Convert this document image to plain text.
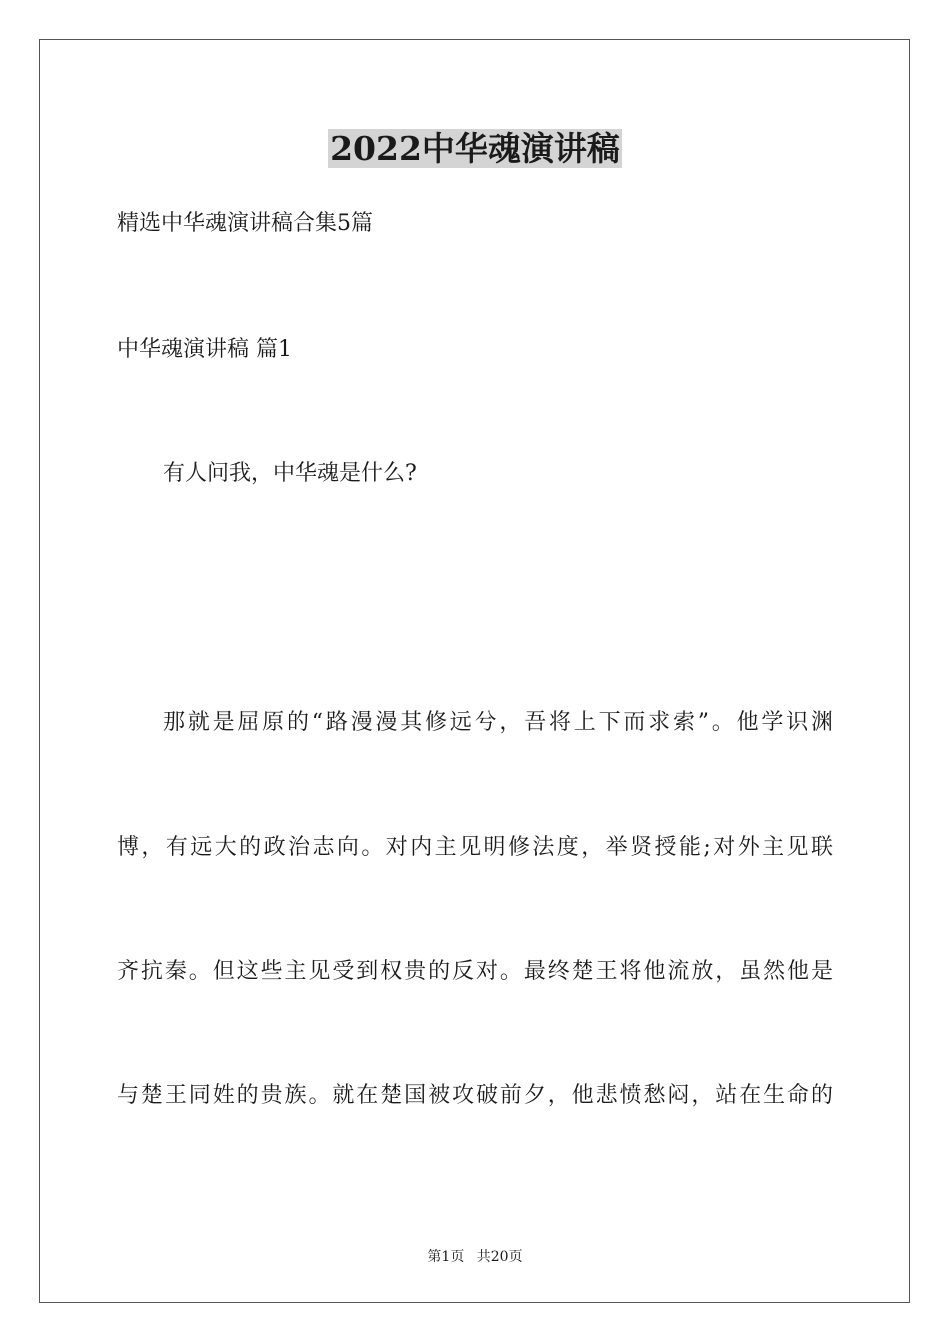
2022中华魂演讲稿
精选中华魂演讲稿合集5篇
中华魂演讲稿 篇1
有人问我，中华魂是什么?
那就是屈原的“路漫漫其修远兮，吾将上下而求索”。他学识渊
博，有远大的政治志向。对内主见明修法度，举贤授能;对外主见联
齐抗秦。但这些主见受到权贵的反对。最终楚王将他流放，虽然他是
与楚王同姓的贵族。就在楚国被攻破前夕，他悲愤愁闷，站在生命的
第1页 共20页
